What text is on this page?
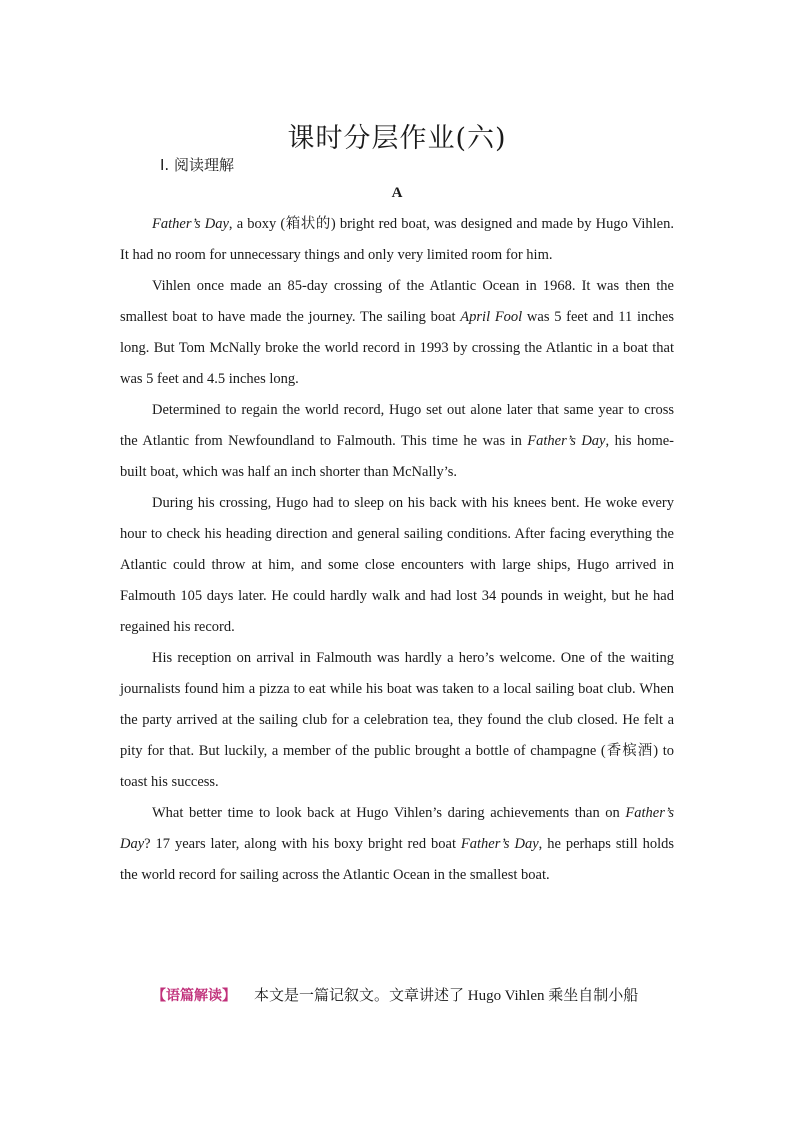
课时分层作业(六)
Ⅰ. 阅读理解
A

Father’s Day, a boxy (箱状的) bright red boat, was designed and made by Hugo Vihlen. It had no room for unnecessary things and only very limited room for him.

Vihlen once made an 85-day crossing of the Atlantic Ocean in 1968. It was then the smallest boat to have made the journey. The sailing boat April Fool was 5 feet and 11 inches long. But Tom McNally broke the world record in 1993 by crossing the Atlantic in a boat that was 5 feet and 4.5 inches long.

Determined to regain the world record, Hugo set out alone later that same year to cross the Atlantic from Newfoundland to Falmouth. This time he was in Father’s Day, his home-built boat, which was half an inch shorter than McNally’s.

During his crossing, Hugo had to sleep on his back with his knees bent. He woke every hour to check his heading direction and general sailing conditions. After facing everything the Atlantic could throw at him, and some close encounters with large ships, Hugo arrived in Falmouth 105 days later. He could hardly walk and had lost 34 pounds in weight, but he had regained his record.

His reception on arrival in Falmouth was hardly a hero’s welcome. One of the waiting journalists found him a pizza to eat while his boat was taken to a local sailing boat club. When the party arrived at the sailing club for a celebration tea, they found the club closed. He felt a pity for that. But luckily, a member of the public brought a bottle of champagne (香槟酒) to toast his success.

What better time to look back at Hugo Vihlen’s daring achievements than on Father’s Day? 17 years later, along with his boxy bright red boat Father’s Day, he perhaps still holds the world record for sailing across the Atlantic Ocean in the smallest boat.

【语篇解读】 本文是一篇记叙文。文章讲述了 Hugo Vihlen 乘坐自制小船
